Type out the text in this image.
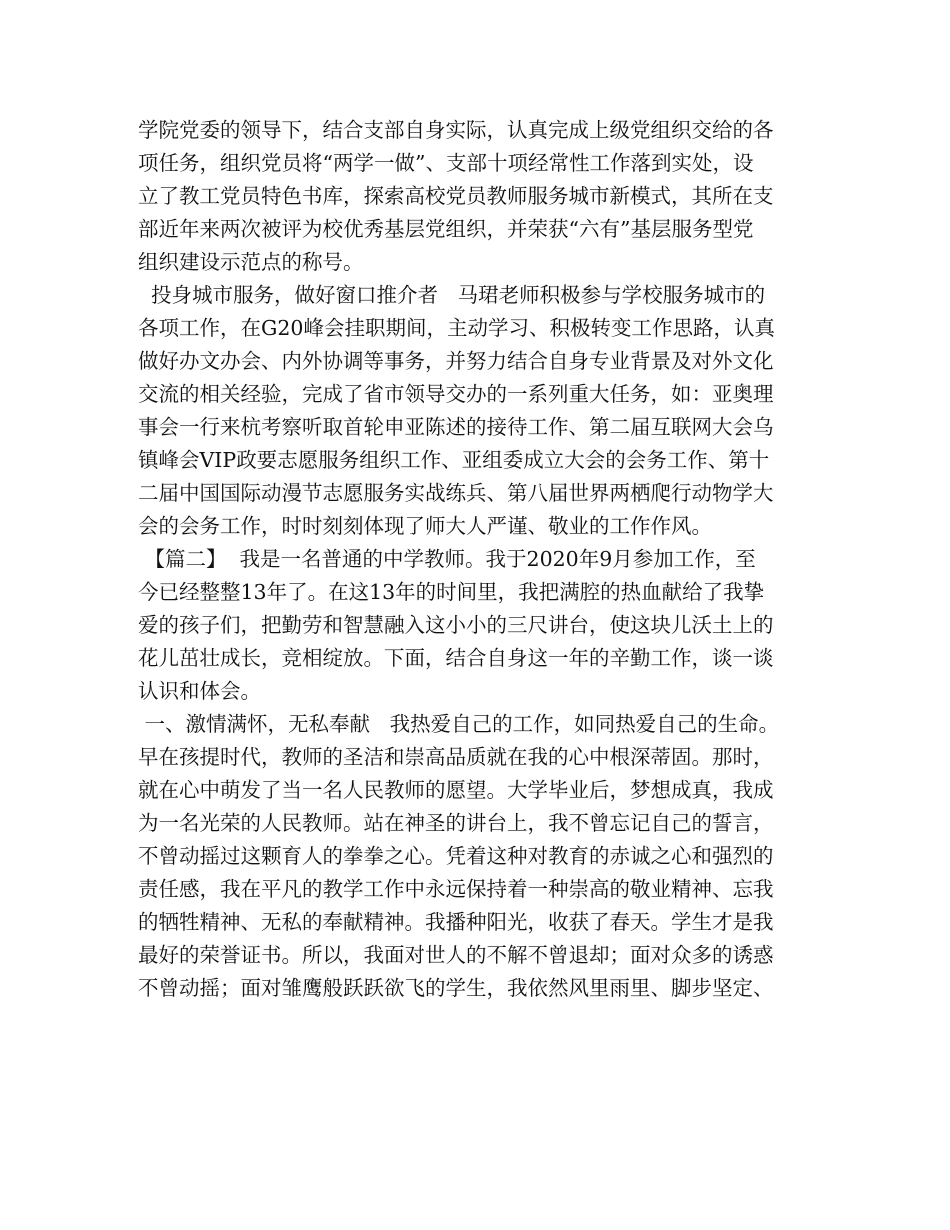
学院党委的领导下，结合支部自身实际，认真完成上级党组织交给的各
项任务，组织党员将“两学一做”、支部十项经常性工作落到实处，设
立了教工党员特色书库，探索高校党员教师服务城市新模式，其所在支
部近年来两次被评为校优秀基层党组织，并荣获“六有”基层服务型党
组织建设示范点的称号。
投身城市服务，做好窗口推介者   马珺老师积极参与学校服务城市的
各项工作，在G20峰会挂职期间，主动学习、积极转变工作思路，认真
做好办文办会、内外协调等事务，并努力结合自身专业背景及对外文化
交流的相关经验，完成了省市领导交办的一系列重大任务，如：亚奥理
事会一行来杭考察听取首轮申亚陈述的接待工作、第二届互联网大会乌
镇峰会VIP政要志愿服务组织工作、亚组委成立大会的会务工作、第十
二届中国国际动漫节志愿服务实战练兵、第八届世界两栖爬行动物学大
会的会务工作，时时刻刻体现了师大人严谨、敬业的工作作风。
【篇二】  我是一名普通的中学教师。我于2020年9月参加工作，至
今已经整整13年了。在这13年的时间里，我把满腔的热血献给了我挚
爱的孩子们，把勤劳和智慧融入这小小的三尺讲台，使这块儿沃土上的
花儿茁壮成长，竞相绽放。下面，结合自身这一年的辛勤工作，谈一谈
认识和体会。
一、激情满怀，无私奉献   我热爱自己的工作，如同热爱自己的生命。
早在孩提时代，教师的圣洁和崇高品质就在我的心中根深蒂固。那时，
就在心中萌发了当一名人民教师的愿望。大学毕业后，梦想成真，我成
为一名光荣的人民教师。站在神圣的讲台上，我不曾忘记自己的誓言，
不曾动摇过这颗育人的拳拳之心。凭着这种对教育的赤诚之心和强烈的
责任感，我在平凡的教学工作中永远保持着一种崇高的敬业精神、忘我
的牺牲精神、无私的奉献精神。我播种阳光，收获了春天。学生才是我
最好的荣誉证书。所以，我面对世人的不解不曾退却；面对众多的诱惑
不曾动摇；面对雏鹰般跃跃欲飞的学生，我依然风里雨里、脚步坚定、
